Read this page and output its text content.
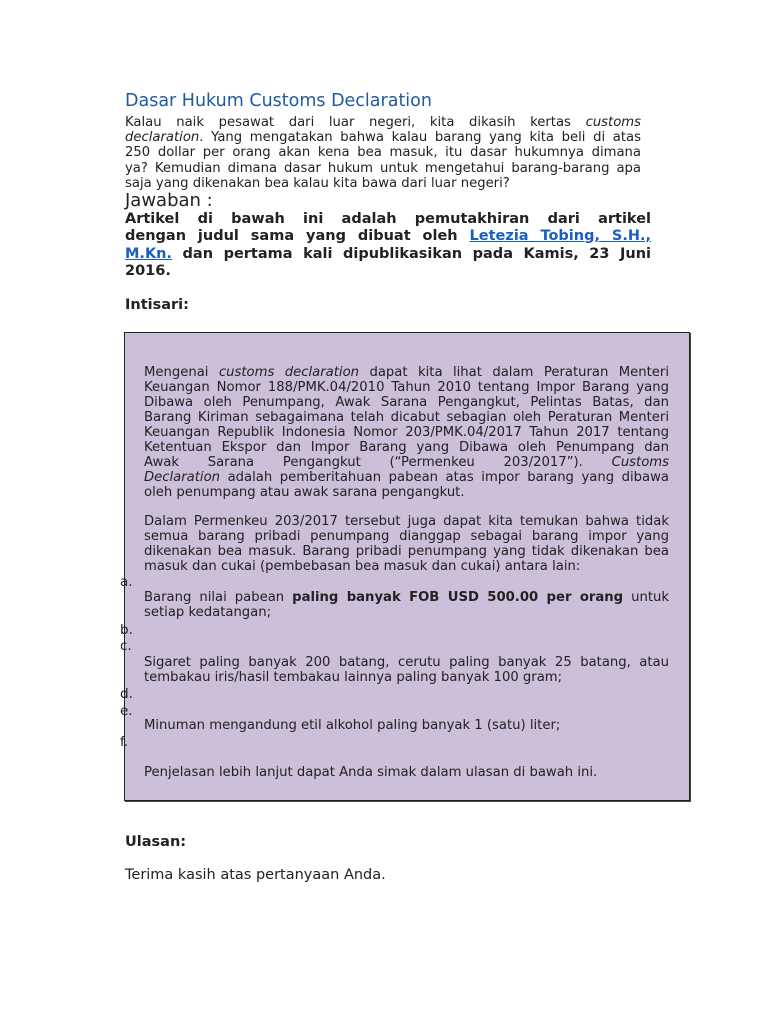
Dasar Hukum Customs Declaration
Kalau naik pesawat dari luar negeri, kita dikasih kertas customs
declaration. Yang mengatakan bahwa kalau barang yang kita beli di atas
250 dollar per orang akan kena bea masuk, itu dasar hukumnya dimana
ya? Kemudian dimana dasar hukum untuk mengetahui barang-barang apa
saja yang dikenakan bea kalau kita bawa dari luar negeri?
Jawaban :
Artikel di bawah ini adalah pemutakhiran dari artikel
dengan judul sama yang dibuat oleh Letezia Tobing, S.H.,
M.Kn. dan pertama kali dipublikasikan pada Kamis, 23 Juni
2016.
Intisari:
Mengenai customs declaration dapat kita lihat dalam Peraturan Menteri
Keuangan Nomor 188/PMK.04/2010 Tahun 2010 tentang Impor Barang yang
Dibawa oleh Penumpang, Awak Sarana Pengangkut, Pelintas Batas, dan
Barang Kiriman sebagaimana telah dicabut sebagian oleh Peraturan Menteri
Keuangan Republik Indonesia Nomor 203/PMK.04/2017 Tahun 2017 tentang
Ketentuan Ekspor dan Impor Barang yang Dibawa oleh Penumpang dan
Awak Sarana Pengangkut (“Permenkeu 203/2017”). Customs
Declaration adalah pemberitahuan pabean atas impor barang yang dibawa
oleh penumpang atau awak sarana pengangkut.
Dalam Permenkeu 203/2017 tersebut juga dapat kita temukan bahwa tidak
semua barang pribadi penumpang dianggap sebagai barang impor yang
dikenakan bea masuk. Barang pribadi penumpang yang tidak dikenakan bea
masuk dan cukai (pembebasan bea masuk dan cukai) antara lain:
a.
b.
c.
d.
e.
f.
Barang nilai pabean paling banyak FOB USD 500.00 per orang untuk
setiap kedatangan;
Sigaret paling banyak 200 batang, cerutu paling banyak 25 batang, atau
tembakau iris/hasil tembakau lainnya paling banyak 100 gram;
Minuman mengandung etil alkohol paling banyak 1 (satu) liter;
Penjelasan lebih lanjut dapat Anda simak dalam ulasan di bawah ini.
Ulasan:
Terima kasih atas pertanyaan Anda.
